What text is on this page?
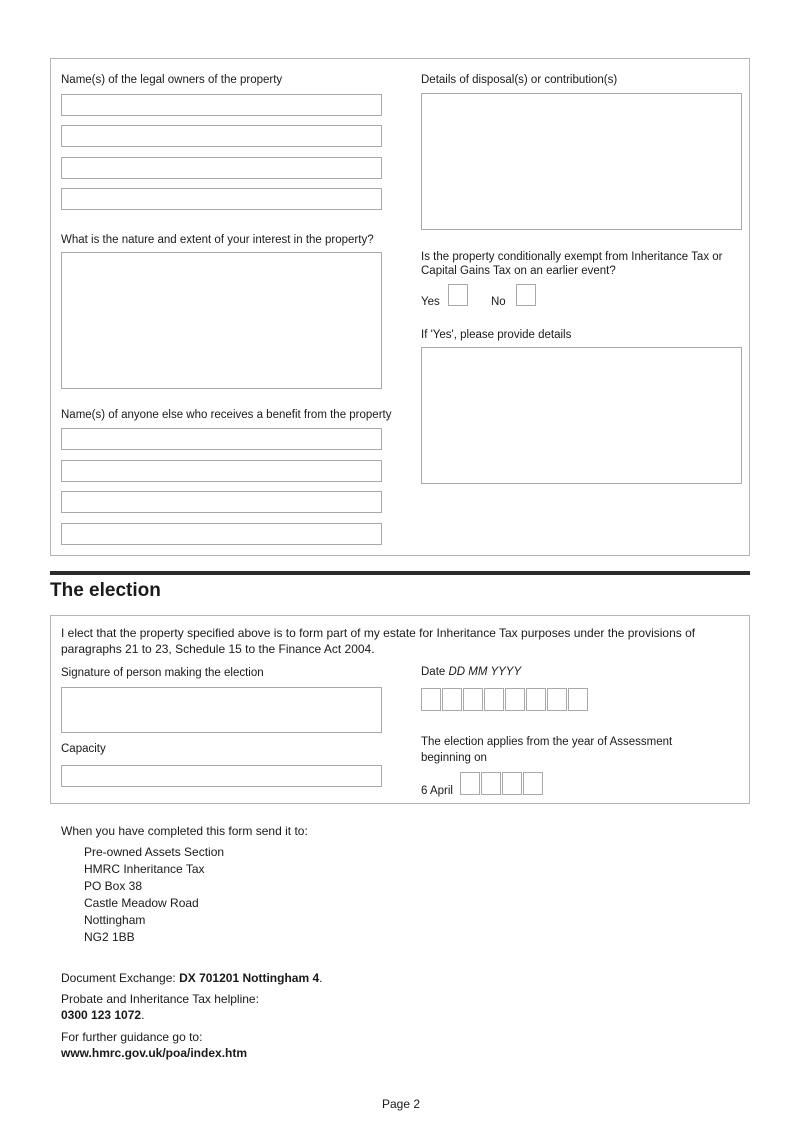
Name(s) of the legal owners of the property	Details of disposal(s) or contribution(s)
What is the nature and extent of your interest in the property?
Is the property conditionally exempt from Inheritance Tax or Capital Gains Tax on an earlier event?
Yes	No
If 'Yes', please provide details
Name(s) of anyone else who receives a benefit from the property
The election
I elect that the property specified above is to form part of my estate for Inheritance Tax purposes under the provisions of paragraphs 21 to 23, Schedule 15 to the Finance Act 2004.
Signature of person making the election	Date DD MM YYYY
Capacity
The election applies from the year of Assessment beginning on
6 April
When you have completed this form send it to:
Pre-owned Assets Section
HMRC Inheritance Tax
PO Box 38
Castle Meadow Road
Nottingham
NG2 1BB
Document Exchange: DX 701201 Nottingham 4.
Probate and Inheritance Tax helpline:
0300 123 1072.
For further guidance go to:
www.hmrc.gov.uk/poa/index.htm
Page 2
